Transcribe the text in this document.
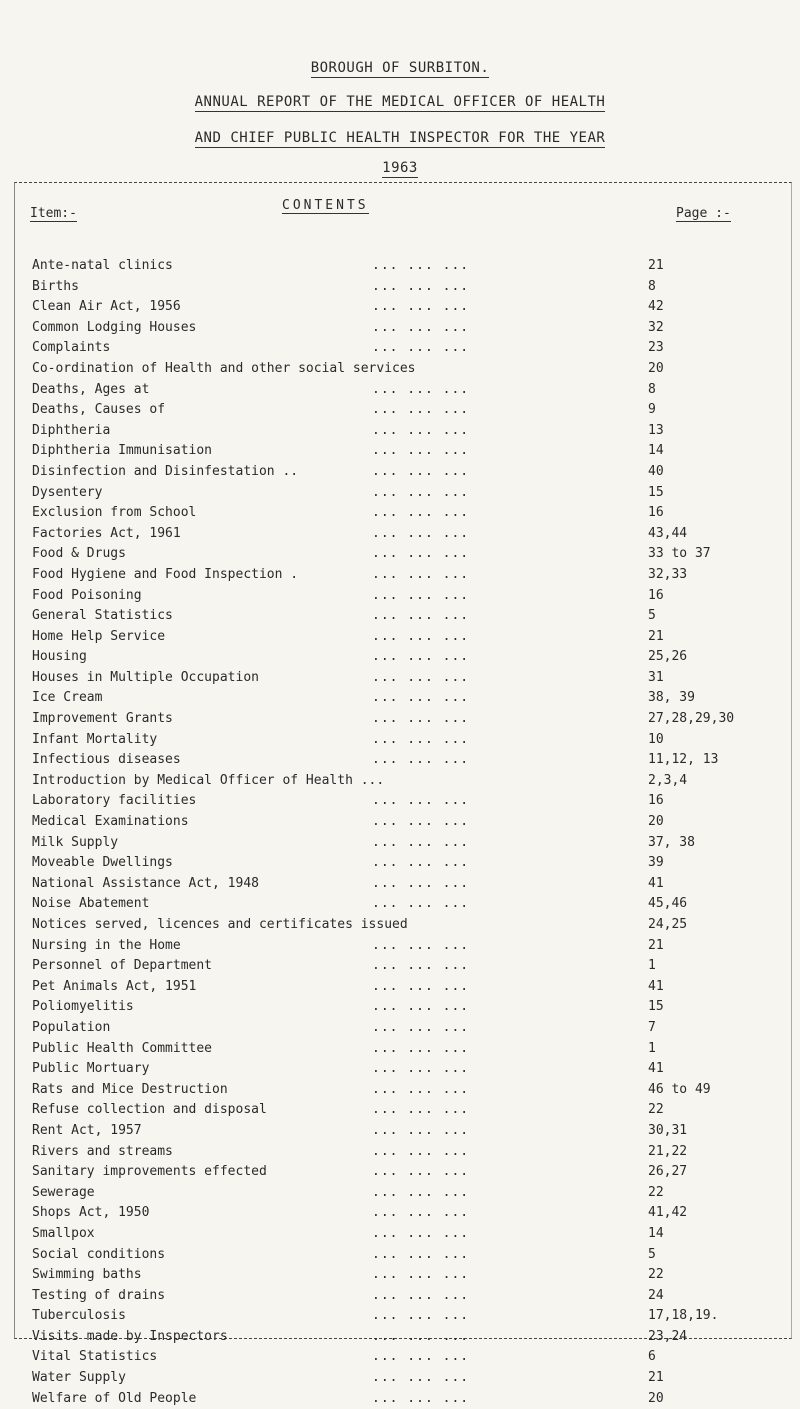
BOROUGH OF SURBITON.
ANNUAL REPORT OF THE MEDICAL OFFICER OF HEALTH
AND CHIEF PUBLIC HEALTH INSPECTOR FOR THE YEAR
1963
Item:-
CONTENTS
Page :-
Ante-natal clinics	... ... ...	21
Births	... ... ...	8
Clean Air Act, 1956	... ... ...	42
Common Lodging Houses	... ... ...	32
Complaints	... ... ...	23
Co-ordination of Health and other social services	20
Deaths, Ages at	... ... ...	8
Deaths, Causes of	... ... ...	9
Diphtheria	... ... ...	13
Diphtheria Immunisation	... ... ...	14
Disinfection and Disinfestation ..	... ... ...	40
Dysentery	... ... ...	15
Exclusion from School	... ... ...	16
Factories Act, 1961	... ... ...	43,44
Food & Drugs	... ... ...	33 to 37
Food Hygiene and Food Inspection .	... ... ...	32,33
Food Poisoning	... ... ...	16
General Statistics	... ... ...	5
Home Help Service	... ... ...	21
Housing	... ... ...	25,26
Houses in Multiple Occupation	... ... ...	31
Ice Cream	... ... ...	38, 39
Improvement Grants	... ... ...	27,28,29,30
Infant Mortality	... ... ...	10
Infectious diseases	... ... ...	11,12, 13
Introduction by Medical Officer of Health ...	2,3,4
Laboratory facilities	... ... ...	16
Medical Examinations	... ... ...	20
Milk Supply	... ... ...	37, 38
Moveable Dwellings	... ... ...	39
National Assistance Act, 1948	... ... ...	41
Noise Abatement	... ... ...	45,46
Notices served, licences and certificates issued	24,25
Nursing in the Home	... ... ...	21
Personnel of Department	... ... ...	1
Pet Animals Act, 1951	... ... ...	41
Poliomyelitis	... ... ...	15
Population	... ... ...	7
Public Health Committee	... ... ...	1
Public Mortuary	... ... ...	41
Rats and Mice Destruction	... ... ...	46 to 49
Refuse collection and disposal	... ... ...	22
Rent Act, 1957	... ... ...	30,31
Rivers and streams	... ... ...	21,22
Sanitary improvements effected	... ... ...	26,27
Sewerage	... ... ...	22
Shops Act, 1950	... ... ...	41,42
Smallpox	... ... ...	14
Social conditions	... ... ...	5
Swimming baths	... ... ...	22
Testing of drains	... ... ...	24
Tuberculosis	... ... ...	17,18,19.
Visits made by Inspectors	... ... ...	23,24
Vital Statistics	... ... ...	6
Water Supply	... ... ...	21
Welfare of Old People	... ... ...	20
